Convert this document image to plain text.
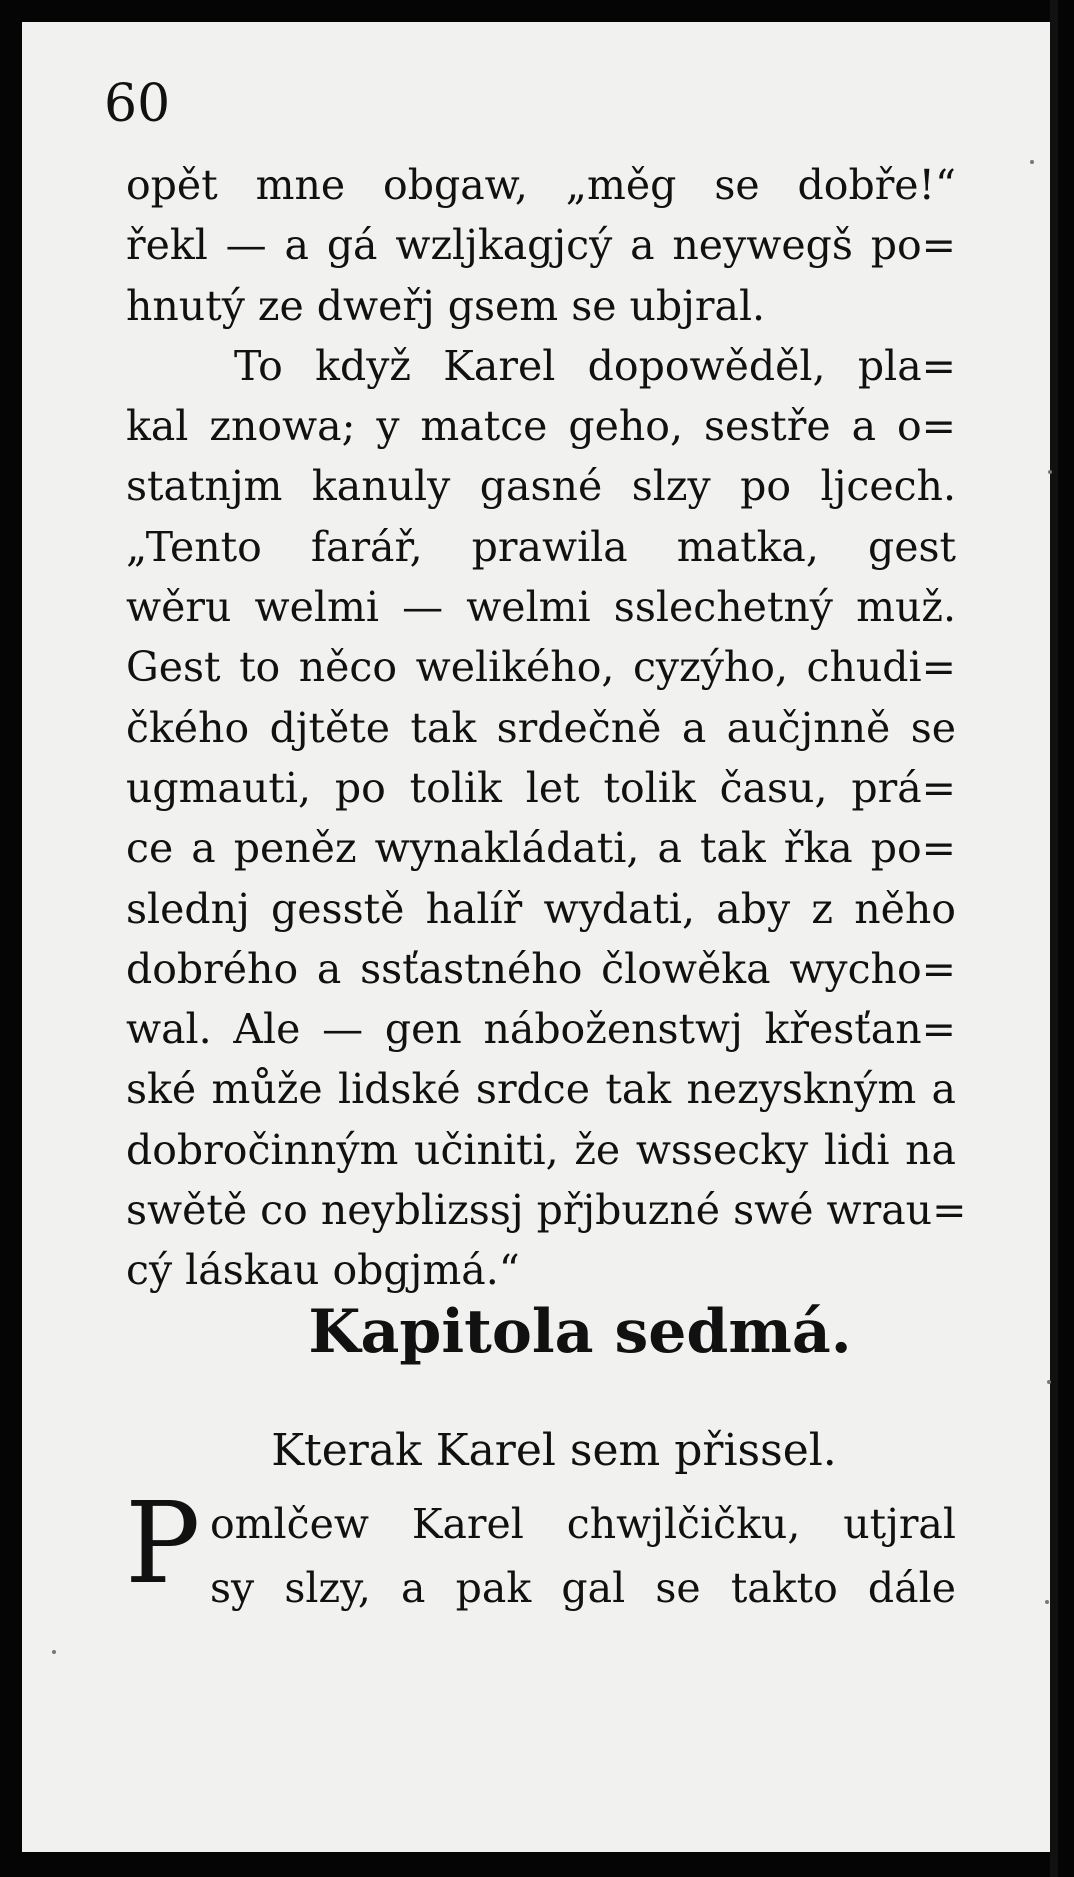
60
opět mne obgaw, „měg se dobře!“
řekl — a gá wzljkagjcý a neywegš po=
hnutý ze dweřj gsem se ubjral.
To když Karel dopowěděl, pla=
kal znowa; y matce geho, sestře a o=
statnjm kanuly gasné slzy po ljcech.
„Tento farář, prawila matka, gest
wěru welmi — welmi sslechetný muž.
Gest to něco welikého, cyzýho, chudi=
čkého djtěte tak srdečně a aučjnně se
ugmauti, po tolik let tolik času, prá=
ce a peněz wynakládati, a tak řka po=
slednj gesstě halíř wydati, aby z něho
dobrého a ssťastného člowěka wycho=
wal. Ale — gen náboženstwj křesťan=
ské může lidské srdce tak nezyskným a
dobročinným učiniti, že wssecky lidi na
swětě co neyblizssj přjbuzné swé wrau=
cý láskau obgjmá.“
Kapitola sedmá.
Kterak Karel sem přissel.
P omlčew Karel chwjlčičku, utjral
sy slzy, a pak gal se takto dále
